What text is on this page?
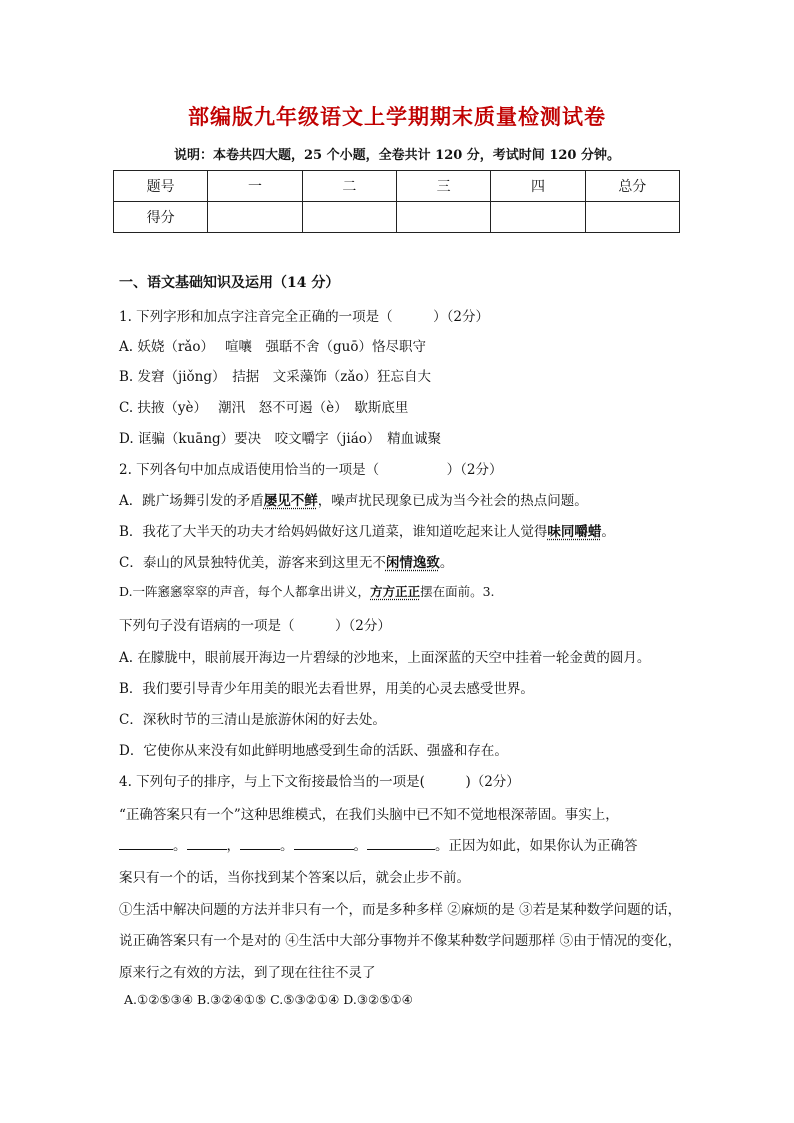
部编版九年级语文上学期期末质量检测试卷
说明：本卷共四大题，25 个小题，全卷共计 120 分，考试时间 120 分钟。
题号	一	二	三	四	总分
得分					
一、语文基础知识及运用（14 分）
1. 下列字形和加点字注音完全正确的一项是（　　　）（2分）
A. 妖娆（rǎo）　 喧嚷　强聒不舍（guō）恪尽职守
B. 发窘（jiǒng）　拮据　文采藻饰（zǎo）狂忘自大
C. 扶掖（yè）　 潮汛　怒不可遏（è）　歇斯底里
D. 诓骗（kuāng）要决　咬文嚼字（jiáo）　精血诚聚
2. 下列各句中加点成语使用恰当的一项是（　　　　　）（2分）
A．跳广场舞引发的矛盾屡见不鲜，噪声扰民现象已成为当今社会的热点问题。
B．我花了大半天的功夫才给妈妈做好这几道菜，谁知道吃起来让人觉得味同嚼蜡。
C．泰山的风景独特优美，游客来到这里无不闲情逸致。
D.一阵窸窸窣窣的声音，每个人都拿出讲义，方方正正摆在面前。3.
下列句子没有语病的一项是（　　　）（2分）
A. 在朦胧中，眼前展开海边一片碧绿的沙地来，上面深蓝的天空中挂着一轮金黄的圆月。
B．我们要引导青少年用美的眼光去看世界，用美的心灵去感受世界。
C．深秋时节的三清山是旅游休闲的好去处。
D．它使你从来没有如此鲜明地感受到生命的活跃、强盛和存在。
4. 下列句子的排序，与上下文衔接最恰当的一项是(　　　)（2分）
“正确答案只有一个”这种思维模式，在我们头脑中已不知不觉地根深蒂固。事实上，
。	，	。	。	。正因为如此，如果你认为正确答
案只有一个的话，当你找到某个答案以后，就会止步不前。
①生活中解决问题的方法并非只有一个，而是多种多样 ②麻烦的是 ③若是某种数学问题的话，
说正确答案只有一个是对的 ④生活中大部分事物并不像某种数学问题那样 ⑤由于情况的变化，
原来行之有效的方法，到了现在往往不灵了
A.①②⑤③④ B.③②④①⑤ C.⑤③②①④ D.③②⑤①④
